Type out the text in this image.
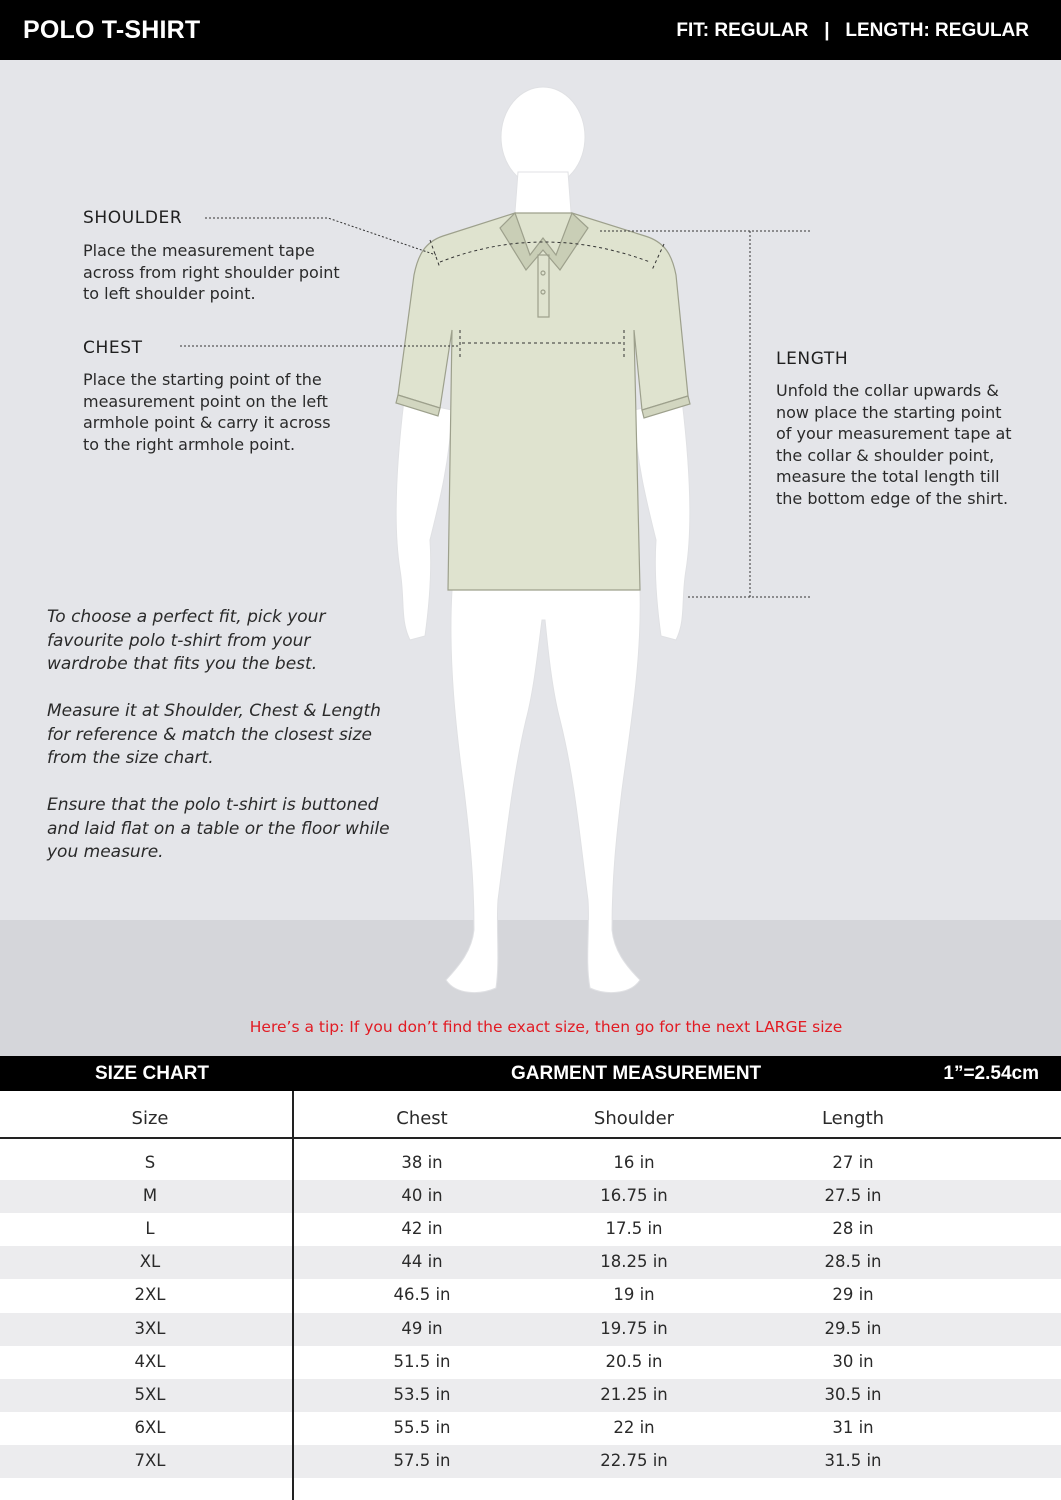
POLO T-SHIRT	FIT: REGULAR   |   LENGTH: REGULAR
SHOULDER
Place the measurement tape
across from right shoulder point
to left shoulder point.
CHEST
Place the starting point of the
measurement point on the left
armhole point & carry it across
to the right armhole point.
LENGTH
Unfold the collar upwards &
now place the starting point
of your measurement tape at
the collar & shoulder point,
measure the total length till
the bottom edge of the shirt.
To choose a perfect fit, pick your
favourite polo t-shirt from your
wardrobe that fits you the best.
Measure it at Shoulder, Chest & Length
for reference & match the closest size
from the size chart.
Ensure that the polo t-shirt is buttoned
and laid flat on a table or the floor while
you measure.
Here’s a tip: If you don’t find the exact size, then go for the next LARGE size
SIZE CHART	GARMENT MEASUREMENT	1”=2.54cm
Size	Chest	Shoulder	Length
S	38 in	16 in	27 in
M	40 in	16.75 in	27.5 in
L	42 in	17.5 in	28 in
XL	44 in	18.25 in	28.5 in
2XL	46.5 in	19 in	29 in
3XL	49 in	19.75 in	29.5 in
4XL	51.5 in	20.5 in	30 in
5XL	53.5 in	21.25 in	30.5 in
6XL	55.5 in	22 in	31 in
7XL	57.5 in	22.75 in	31.5 in
